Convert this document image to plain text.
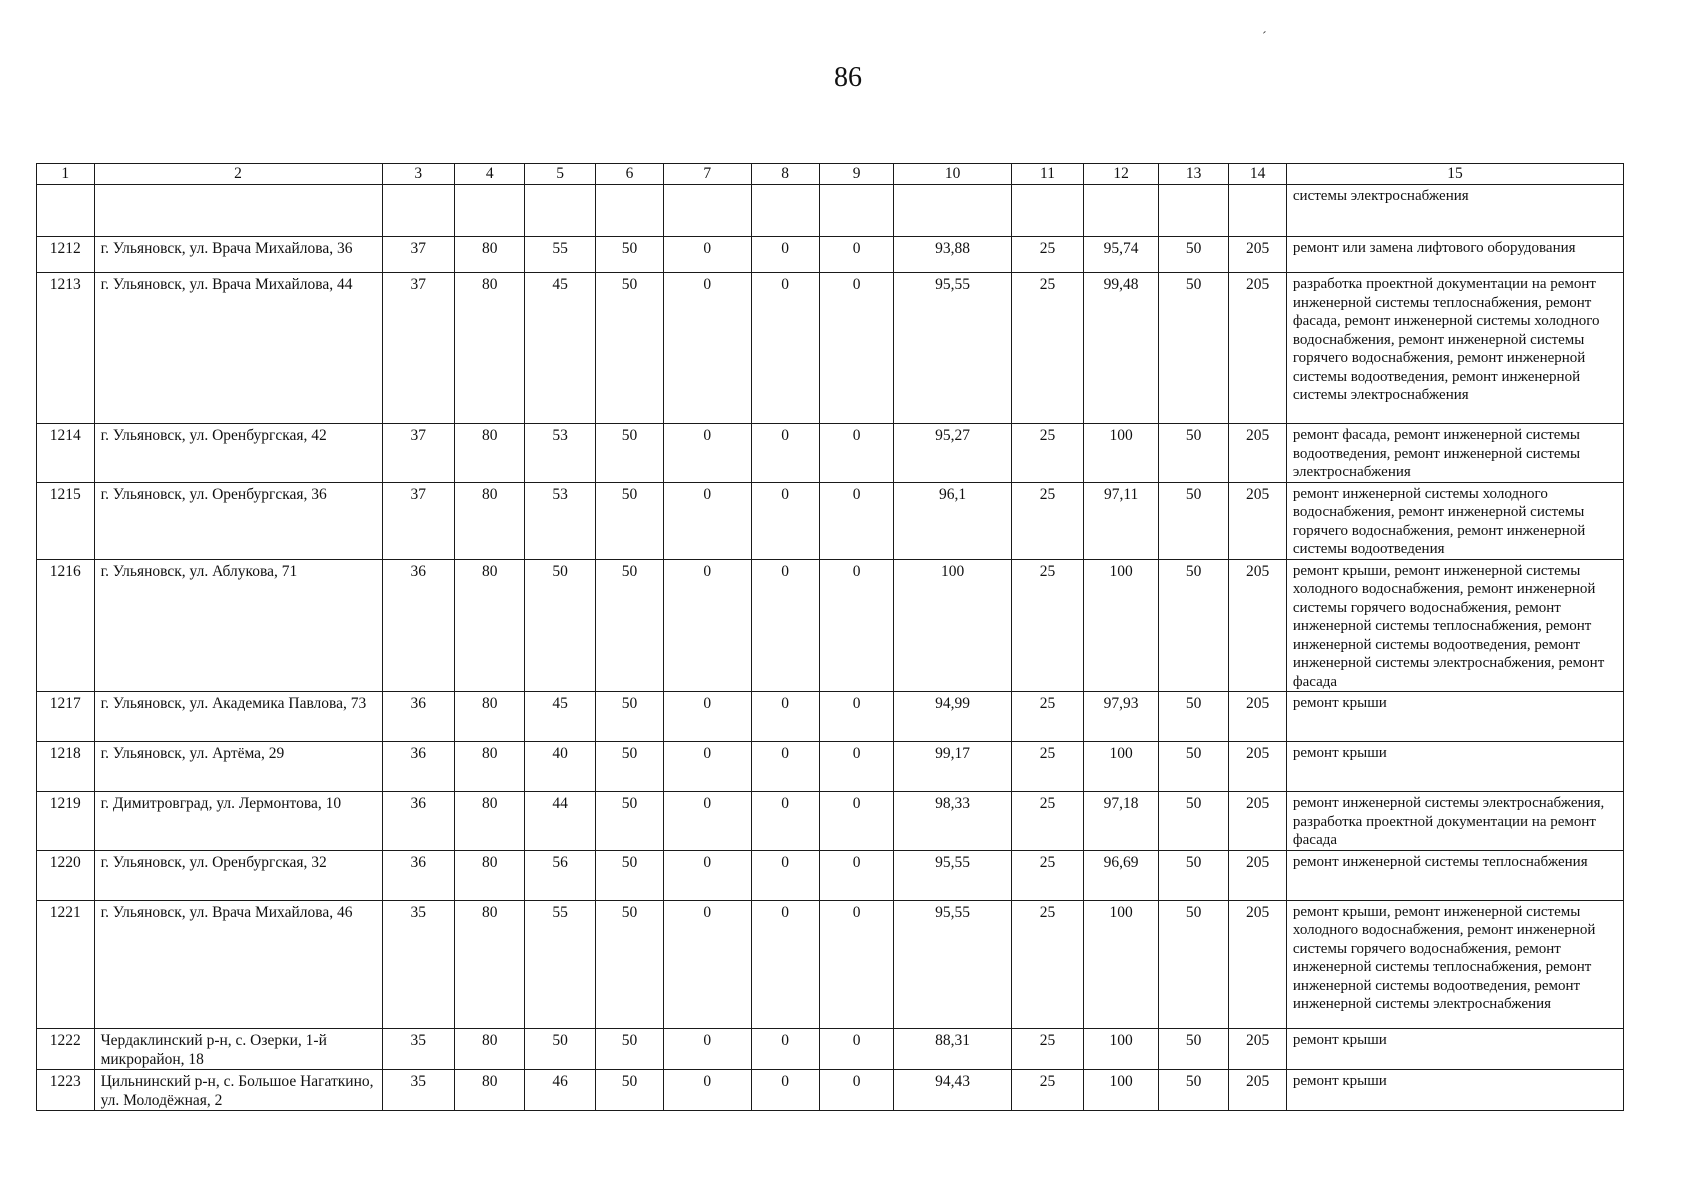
86
ˊ
1	2	3	4	5	6	7	8	9	10	11	12	13	14	15
														системы электроснабжения
1212	г. Ульяновск, ул. Врача Михайлова, 36	37	80	55	50	0	0	0	93,88	25	95,74	50	205	ремонт или замена лифтового оборудования
1213	г. Ульяновск, ул. Врача Михайлова, 44	37	80	45	50	0	0	0	95,55	25	99,48	50	205	разработка проектной документации на ремонт инженерной системы теплоснабжения, ремонт фасада, ремонт инженерной системы холодного водоснабжения, ремонт инженерной системы горячего водоснабжения, ремонт инженерной системы водоотведения, ремонт инженерной системы электроснабжения
1214	г. Ульяновск, ул. Оренбургская, 42	37	80	53	50	0	0	0	95,27	25	100	50	205	ремонт фасада, ремонт инженерной системы водоотведения, ремонт инженерной системы электроснабжения
1215	г. Ульяновск, ул. Оренбургская, 36	37	80	53	50	0	0	0	96,1	25	97,11	50	205	ремонт инженерной системы холодного водоснабжения, ремонт инженерной системы горячего водоснабжения, ремонт инженерной системы водоотведения
1216	г. Ульяновск, ул. Аблукова, 71	36	80	50	50	0	0	0	100	25	100	50	205	ремонт крыши, ремонт инженерной системы холодного водоснабжения, ремонт инженерной системы горячего водоснабжения, ремонт инженерной системы теплоснабжения, ремонт инженерной системы водоотведения, ремонт инженерной системы электроснабжения, ремонт фасада
1217	г. Ульяновск, ул. Академика Павлова, 73	36	80	45	50	0	0	0	94,99	25	97,93	50	205	ремонт крыши
1218	г. Ульяновск, ул. Артёма, 29	36	80	40	50	0	0	0	99,17	25	100	50	205	ремонт крыши
1219	г. Димитровград, ул. Лермонтова, 10	36	80	44	50	0	0	0	98,33	25	97,18	50	205	ремонт инженерной системы электроснабжения, разработка проектной документации на ремонт фасада
1220	г. Ульяновск, ул. Оренбургская, 32	36	80	56	50	0	0	0	95,55	25	96,69	50	205	ремонт инженерной системы теплоснабжения
1221	г. Ульяновск, ул. Врача Михайлова, 46	35	80	55	50	0	0	0	95,55	25	100	50	205	ремонт крыши, ремонт инженерной системы холодного водоснабжения, ремонт инженерной системы горячего водоснабжения, ремонт инженерной системы теплоснабжения, ремонт инженерной системы водоотведения, ремонт инженерной системы электроснабжения
1222	Чердаклинский р-н, с. Озерки, 1-й микрорайон, 18	35	80	50	50	0	0	0	88,31	25	100	50	205	ремонт крыши
1223	Цильнинский р-н, с. Большое Нагаткино, ул. Молодёжная, 2	35	80	46	50	0	0	0	94,43	25	100	50	205	ремонт крыши
